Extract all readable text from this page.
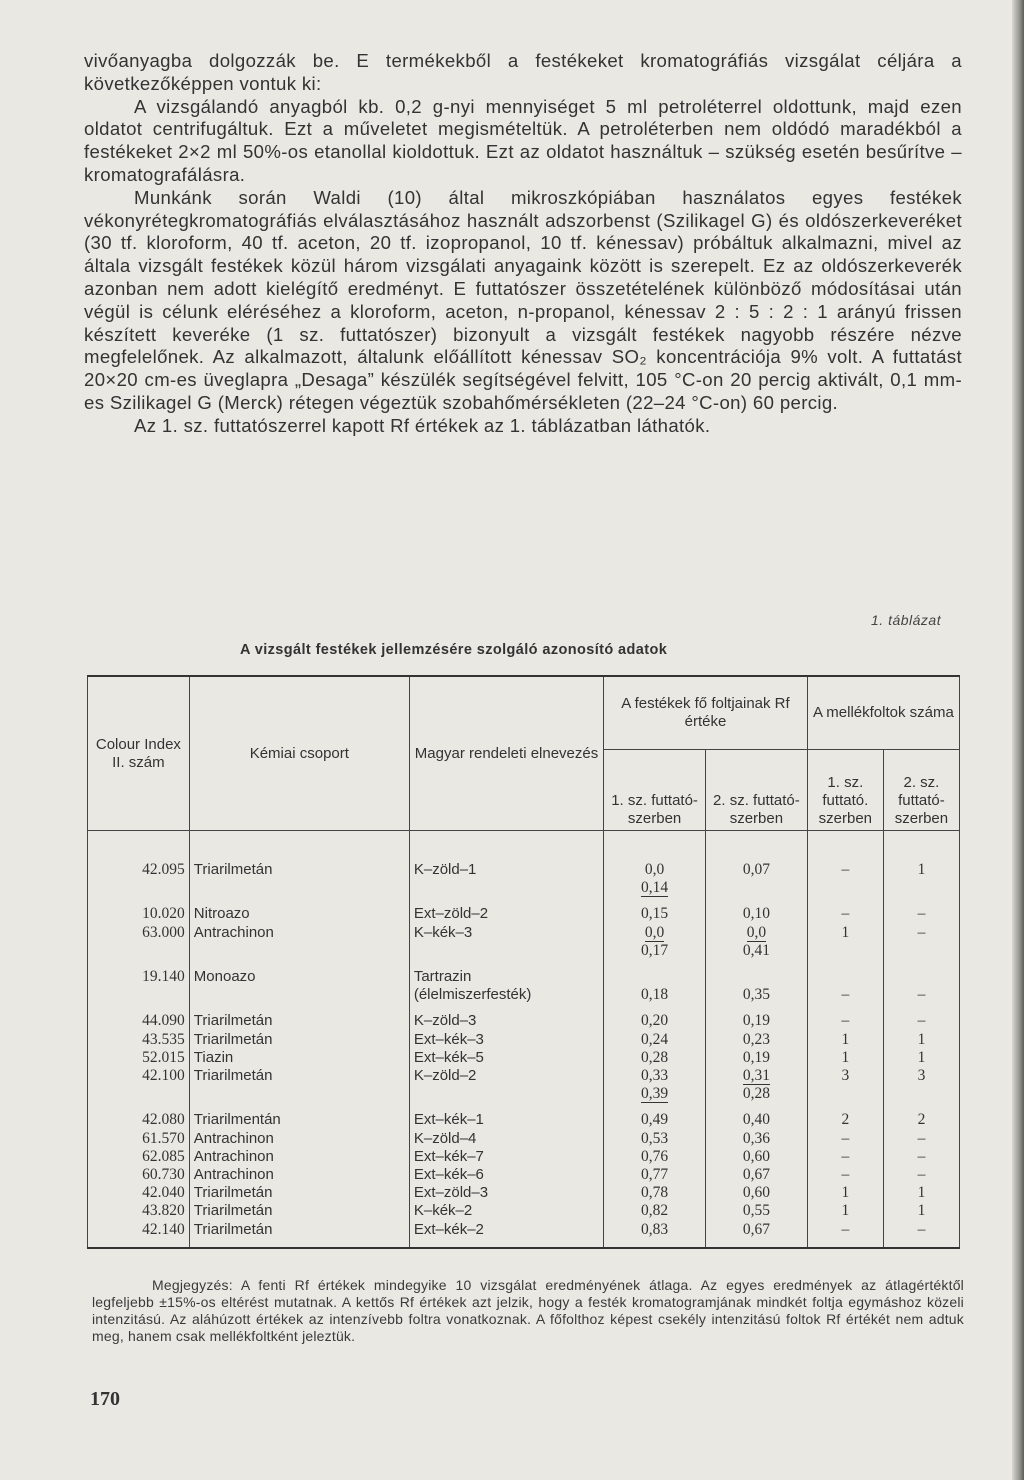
vivőanyagba dolgozzák be. E termékekből a festékeket kromatográfiás vizsgálat céljára a következőképpen vontuk ki:

A vizsgálandó anyagból kb. 0,2 g-nyi mennyiséget 5 ml petroléterrel oldottunk, majd ezen oldatot centrifugáltuk. Ezt a műveletet megismételtük. A petroléterben nem oldódó maradékból a festékeket 2×2 ml 50%-os etanollal kioldottuk. Ezt az oldatot használtuk – szükség esetén besűrítve – kromatografálásra.

Munkánk során Waldi (10) által mikroszkópiában használatos egyes festékek vékonyrétegkromatográfiás elválasztásához használt adszorbenst (Szilikagel G) és oldószerkeveréket (30 tf. kloroform, 40 tf. aceton, 20 tf. izopropanol, 10 tf. kénessav) próbáltuk alkalmazni, mivel az általa vizsgált festékek közül három vizsgálati anyagaink között is szerepelt. Ez az oldószerkeverék azonban nem adott kielégítő eredményt. E futtatószer összetételének különböző módosításai után végül is célunk eléréséhez a kloroform, aceton, n-propanol, kénessav 2 : 5 : 2 : 1 arányú frissen készített keveréke (1 sz. futtatószer) bizonyult a vizsgált festékek nagyobb részére nézve megfelelőnek. Az alkalmazott, általunk előállított kénessav SO₂ koncentrációja 9% volt. A futtatást 20×20 cm-es üveglapra „Desaga” készülék segítségével felvitt, 105 °C-on 20 percig aktivált, 0,1 mm-es Szilikagel G (Merck) rétegen végeztük szobahőmérsékleten (22–24 °C-on) 60 percig.

Az 1. sz. futtatószerrel kapott Rf értékek az 1. táblázatban láthatók.

1. táblázat
A vizsgált festékek jellemzésére szolgáló azonosító adatok
Colour Index II. szám	Kémiai csoport	Magyar rendeleti elnevezés	A festékek fő foltjainak Rf értéke		A mellékfoltok száma	
			1. sz. futtató-szerben	2. sz. futtató-szerben	1. sz. futtató. szerben	2. sz. futtató-szerben

42.095	Triarilmetán	K–zöld–1	0,0	0,07	–	1
			0,14			

10.020	Nitroazo	Ext–zöld–2	0,15	0,10	–	–
63.000	Antrachinon	K–kék–3	0,0	0,0	1	–
			0,17	0,41		

19.140	Monoazo	Tartrazin				
		(élelmiszerfesték)	0,18	0,35	–	–

44.090	Triarilmetán	K–zöld–3	0,20	0,19	–	–
43.535	Triarilmetán	Ext–kék–3	0,24	0,23	1	1
52.015	Tiazin	Ext–kék–5	0,28	0,19	1	1
42.100	Triarilmetán	K–zöld–2	0,33	0,31	3	3
			0,39	0,28		

42.080	Triarilmentán	Ext–kék–1	0,49	0,40	2	2
61.570	Antrachinon	K–zöld–4	0,53	0,36	–	–
62.085	Antrachinon	Ext–kék–7	0,76	0,60	–	–
60.730	Antrachinon	Ext–kék–6	0,77	0,67	–	–
42.040	Triarilmetán	Ext–zöld–3	0,78	0,60	1	1
43.820	Triarilmetán	K–kék–2	0,82	0,55	1	1
42.140	Triarilmetán	Ext–kék–2	0,83	0,67	–	–
Megjegyzés: A fenti Rf értékek mindegyike 10 vizsgálat eredményének átlaga. Az egyes eredmények az átlagértéktől legfeljebb ±15%-os eltérést mutatnak. A kettős Rf értékek azt jelzik, hogy a festék kromatogramjának mindkét foltja egymáshoz közeli intenzitású. Az aláhúzott értékek az intenzívebb foltra vonatkoznak. A főfolthoz képest csekély intenzitású foltok Rf értékét nem adtuk meg, hanem csak mellékfoltként jeleztük.
170
